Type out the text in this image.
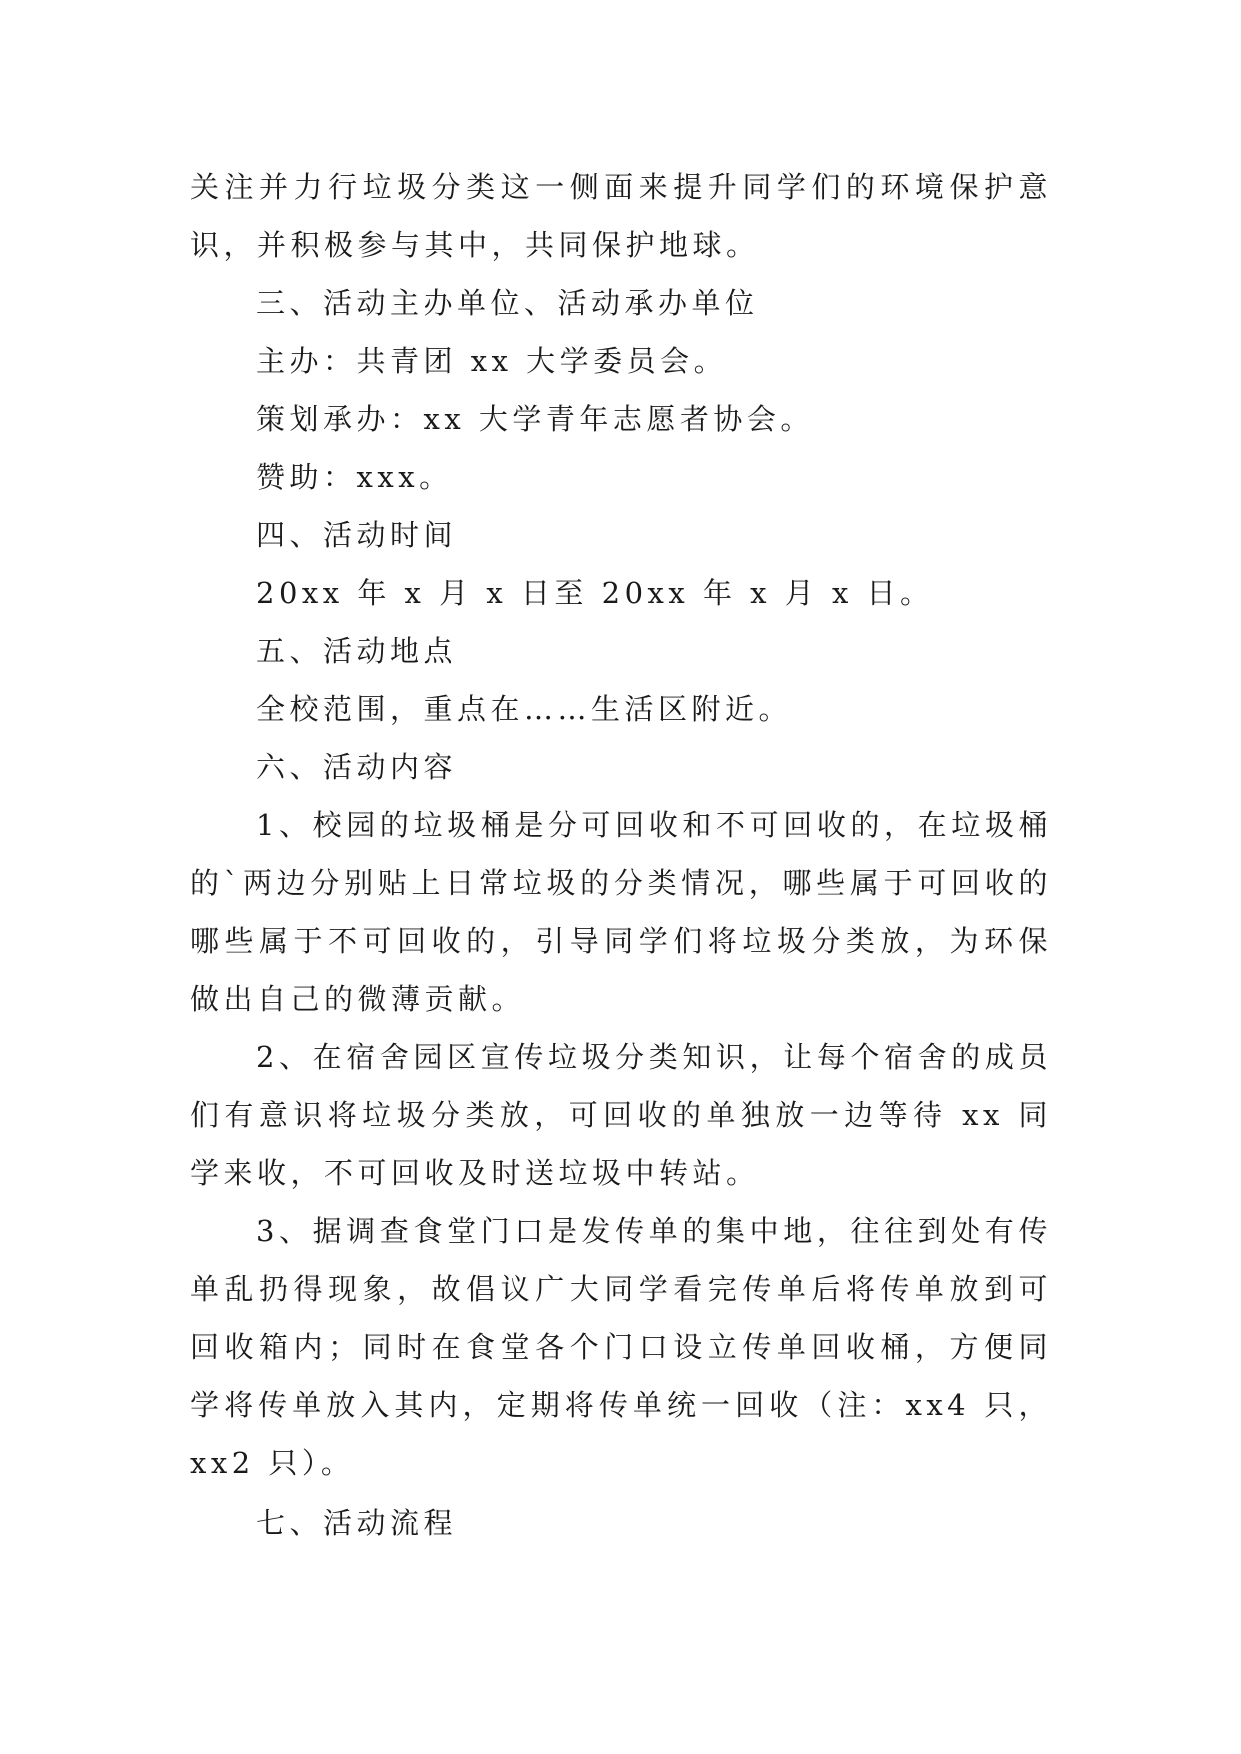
关注并力行垃圾分类这一侧面来提升同学们的环境保护意识，并积极参与其中，共同保护地球。

三、活动主办单位、活动承办单位

主办：共青团 xx 大学委员会。

策划承办：xx 大学青年志愿者协会。

赞助：xxx。

四、活动时间

20xx 年 x 月 x 日至 20xx 年 x 月 x 日。

五、活动地点

全校范围，重点在……生活区附近。

六、活动内容

1、校园的垃圾桶是分可回收和不可回收的，在垃圾桶的`两边分别贴上日常垃圾的分类情况，哪些属于可回收的哪些属于不可回收的，引导同学们将垃圾分类放，为环保做出自己的微薄贡献。

2、在宿舍园区宣传垃圾分类知识，让每个宿舍的成员们有意识将垃圾分类放，可回收的单独放一边等待 xx 同学来收，不可回收及时送垃圾中转站。

3、据调查食堂门口是发传单的集中地，往往到处有传单乱扔得现象，故倡议广大同学看完传单后将传单放到可回收箱内；同时在食堂各个门口设立传单回收桶，方便同学将传单放入其内，定期将传单统一回收（注：xx4 只，xx2 只）。

七、活动流程
